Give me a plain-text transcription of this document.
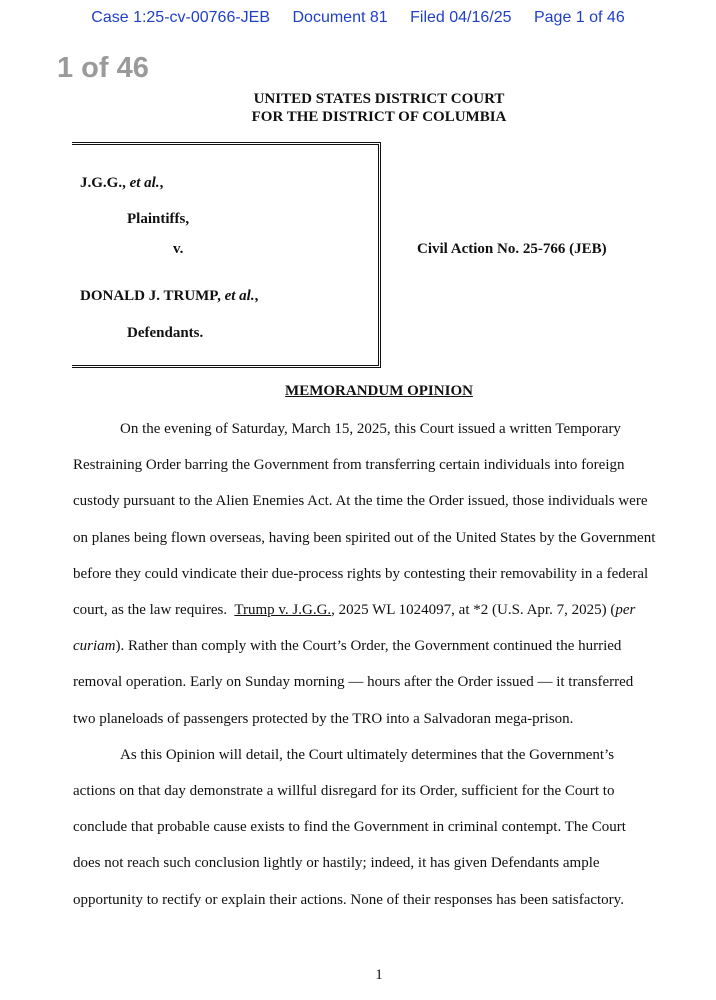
Case 1:25-cv-00766-JEB Document 81 Filed 04/16/25 Page 1 of 46
1 of 46
UNITED STATES DISTRICT COURT
FOR THE DISTRICT OF COLUMBIA
J.G.G., et al.,
Plaintiffs,
v.
DONALD J. TRUMP, et al.,
Defendants.
Civil Action No. 25-766 (JEB)
MEMORANDUM OPINION
On the evening of Saturday, March 15, 2025, this Court issued a written Temporary
Restraining Order barring the Government from transferring certain individuals into foreign
custody pursuant to the Alien Enemies Act. At the time the Order issued, those individuals were
on planes being flown overseas, having been spirited out of the United States by the Government
before they could vindicate their due-process rights by contesting their removability in a federal
court, as the law requires.  Trump v. J.G.G., 2025 WL 1024097, at *2 (U.S. Apr. 7, 2025) (per
curiam). Rather than comply with the Court’s Order, the Government continued the hurried
removal operation. Early on Sunday morning — hours after the Order issued — it transferred
two planeloads of passengers protected by the TRO into a Salvadoran mega-prison.
As this Opinion will detail, the Court ultimately determines that the Government’s
actions on that day demonstrate a willful disregard for its Order, sufficient for the Court to
conclude that probable cause exists to find the Government in criminal contempt. The Court
does not reach such conclusion lightly or hastily; indeed, it has given Defendants ample
opportunity to rectify or explain their actions. None of their responses has been satisfactory.
1
